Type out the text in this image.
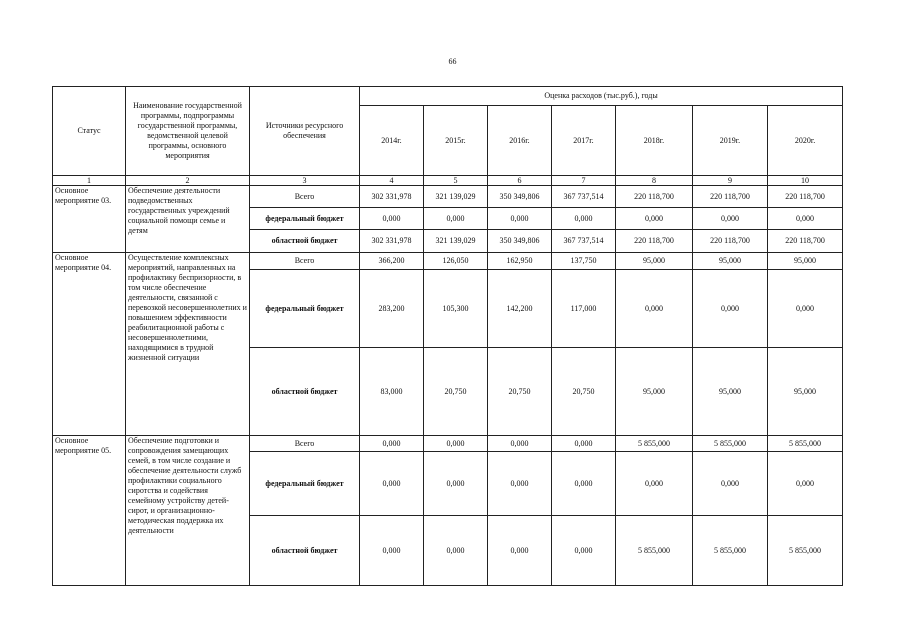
66
Статус	Наименование государственной программы, подпрограммы государственной программы, ведомственной целевой программы, основного мероприятия	Источники ресурсного обеспечения	Оценка расходов (тыс.руб.), годы						
			2014г.	2015г.	2016г.	2017г.	2018г.	2019г.	2020г.
1	2	3	4	5	6	7	8	9	10
Основное мероприятие 03.	Обеспечение деятельности подведомственных государственных учреждений социальной помощи семье и детям	Всего	302 331,978	321 139,029	350 349,806	367 737,514	220 118,700	220 118,700	220 118,700
		федеральный бюджет	0,000	0,000	0,000	0,000	0,000	0,000	0,000
		областной бюджет	302 331,978	321 139,029	350 349,806	367 737,514	220 118,700	220 118,700	220 118,700
Основное мероприятие 04.	Осуществление комплексных мероприятий, направленных на профилактику беспризорности, в том числе обеспечение деятельности, связанной с перевозкой несовершеннолетних и повышением эффективности реабилитационной работы с несовершеннолетними, находящимися в трудной жизненной ситуации	Всего	366,200	126,050	162,950	137,750	95,000	95,000	95,000
		федеральный бюджет	283,200	105,300	142,200	117,000	0,000	0,000	0,000
		областной бюджет	83,000	20,750	20,750	20,750	95,000	95,000	95,000
Основное мероприятие 05.	Обеспечение подготовки и сопровождения замещающих семей, в том числе создание и обеспечение деятельности служб профилактики социального сиротства и содействия семейному устройству детей-сирот, и организационно-методическая поддержка их деятельности	Всего	0,000	0,000	0,000	0,000	5 855,000	5 855,000	5 855,000
		федеральный бюджет	0,000	0,000	0,000	0,000	0,000	0,000	0,000
		областной бюджет	0,000	0,000	0,000	0,000	5 855,000	5 855,000	5 855,000
